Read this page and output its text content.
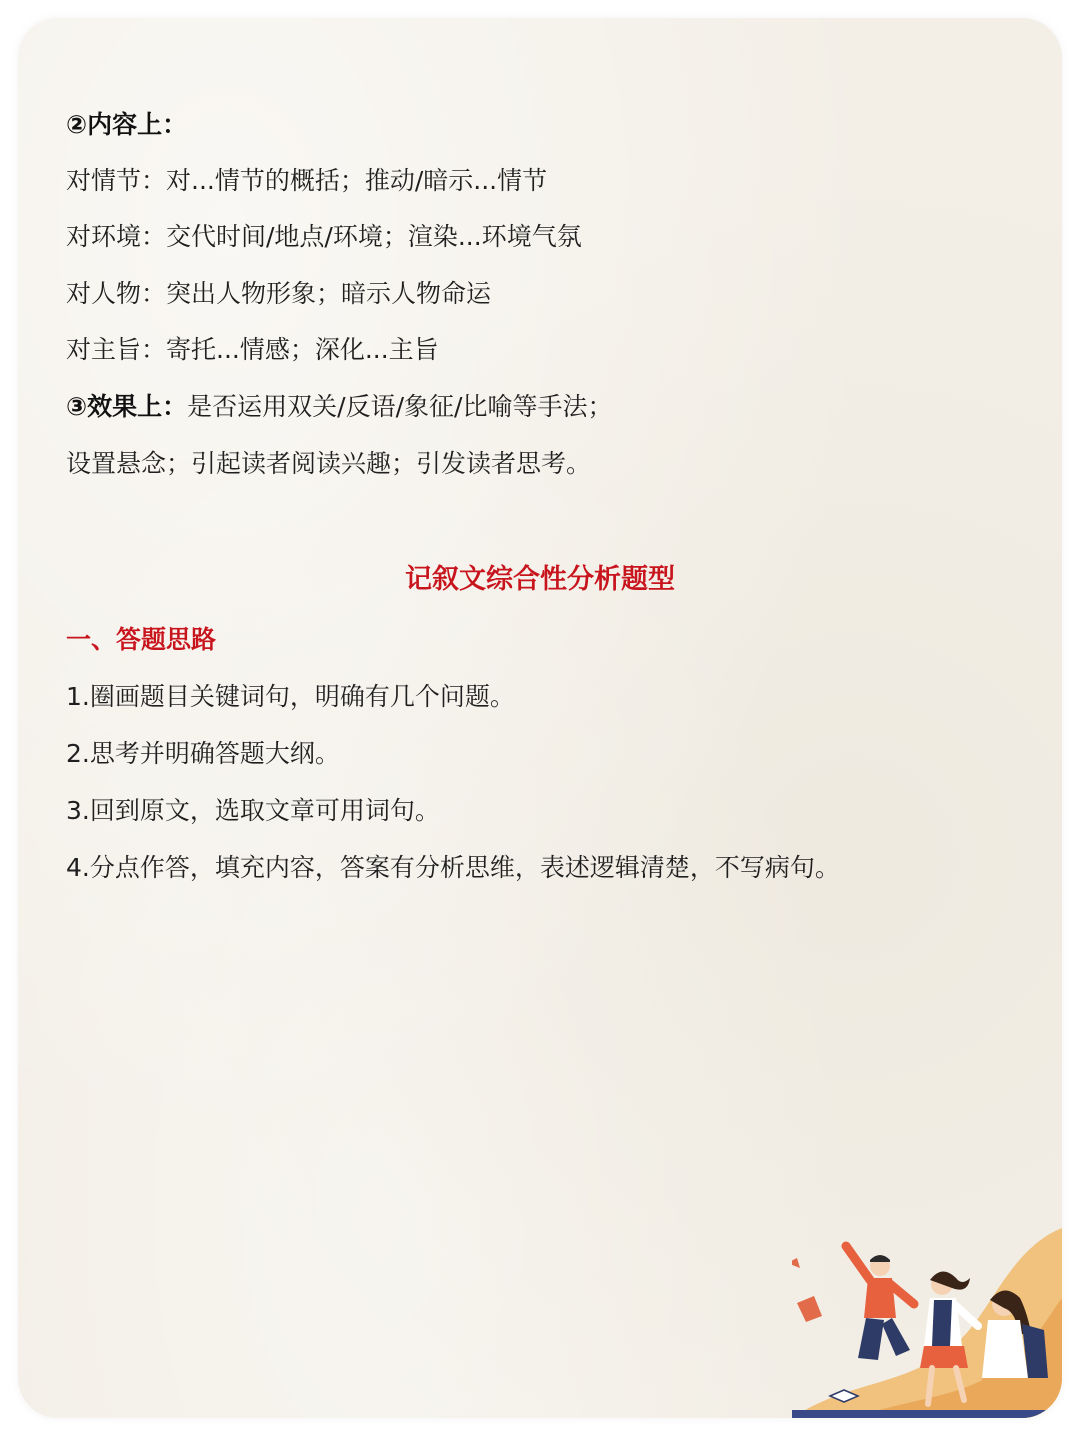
②内容上：
对情节：对...情节的概括；推动/暗示...情节
对环境：交代时间/地点/环境；渲染...环境气氛
对人物：突出人物形象；暗示人物命运
对主旨：寄托...情感；深化...主旨
③效果上：是否运用双关/反语/象征/比喻等手法；
设置悬念；引起读者阅读兴趣；引发读者思考。
记叙文综合性分析题型
一、答题思路
1.圈画题目关键词句，明确有几个问题。
2.思考并明确答题大纲。
3.回到原文，选取文章可用词句。
4.分点作答，填充内容，答案有分析思维，表述逻辑清楚，不写病句。
